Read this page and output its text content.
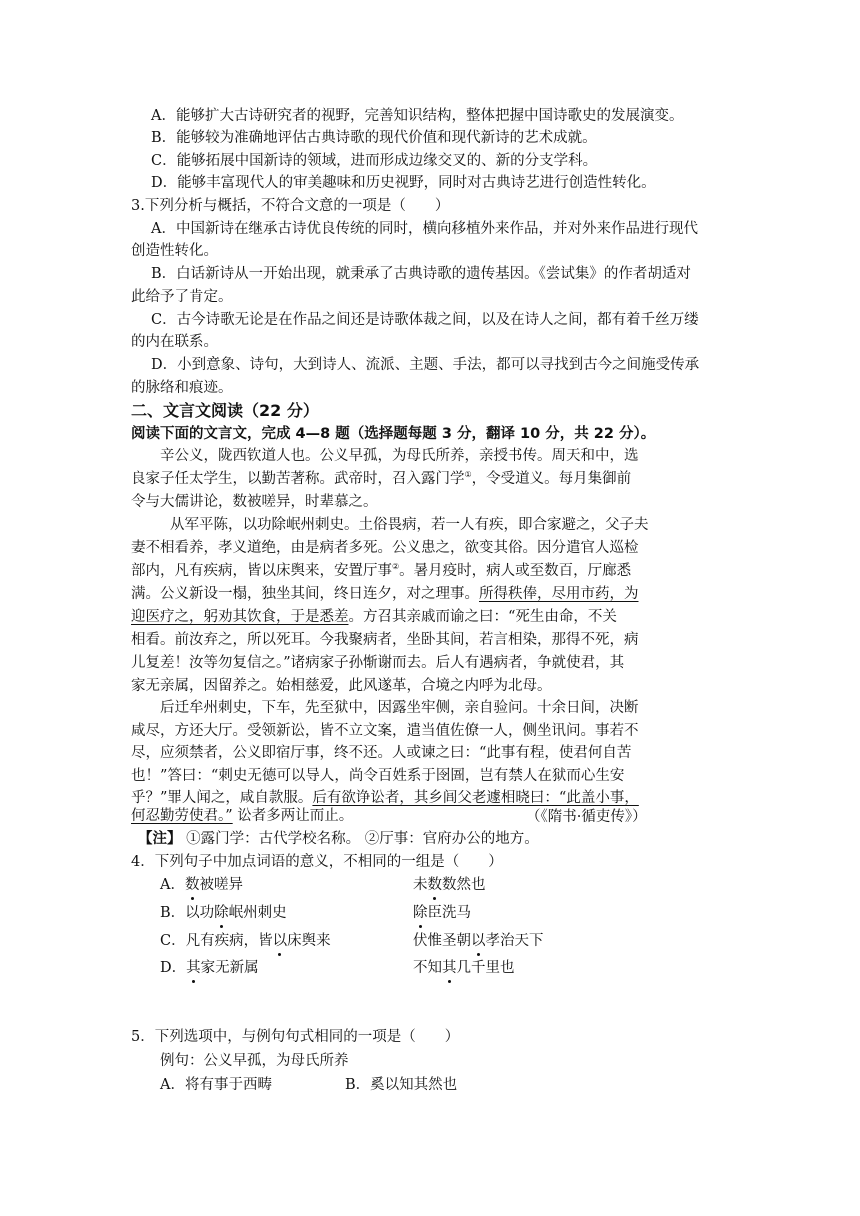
A．能够扩大古诗研究者的视野，完善知识结构，整体把握中国诗歌史的发展演变。
B．能够较为准确地评估古典诗歌的现代价值和现代新诗的艺术成就。
C．能够拓展中国新诗的领域，进而形成边缘交叉的、新的分支学科。
D．能够丰富现代人的审美趣味和历史视野，同时对古典诗艺进行创造性转化。
3.下列分析与概括，不符合文意的一项是（　　）
A．中国新诗在继承古诗优良传统的同时，横向移植外来作品，并对外来作品进行现代
创造性转化。
B．白话新诗从一开始出现，就秉承了古典诗歌的遗传基因。《尝试集》的作者胡适对
此给予了肯定。
C．古今诗歌无论是在作品之间还是诗歌体裁之间，以及在诗人之间，都有着千丝万缕
的内在联系。
D．小到意象、诗句，大到诗人、流派、主题、手法，都可以寻找到古今之间施受传承
的脉络和痕迹。
二、文言文阅读（22 分）
阅读下面的文言文，完成 4—8 题（选择题每题 3 分，翻译 10 分，共 22 分）。
辛公义，陇西钦道人也。公义早孤，为母氏所养，亲授书传。周天和中，选
良家子任太学生，以勤苦著称。武帝时，召入露门学①，令受道义。每月集御前
令与大儒讲论，数被嗟异，时辈慕之。
从军平陈，以功除岷州刺史。土俗畏病，若一人有疾，即合家避之，父子夫
妻不相看养，孝义道绝，由是病者多死。公义患之，欲变其俗。因分遣官人巡检
部内，凡有疾病，皆以床舆来，安置厅事②。暑月疫时，病人或至数百，厅廊悉
满。公义新设一榻，独坐其间，终日连夕，对之理事。所得秩俸，尽用市药，为
迎医疗之，躬劝其饮食，于是悉差。方召其亲戚而谕之曰：“死生由命，不关
相看。前汝弃之，所以死耳。今我聚病者，坐卧其间，若言相染，那得不死，病
儿复差！汝等勿复信之。”诸病家子孙惭谢而去。后人有遇病者，争就使君，其
家无亲属，因留养之。始相慈爱，此风遂革，合境之内呼为北母。
后迁牟州刺史，下车，先至狱中，因露坐牢侧，亲自验问。十余日间，决断
咸尽，方还大厅。受领新讼，皆不立文案，遣当值佐僚一人，侧坐讯问。事若不
尽，应须禁者，公义即宿厅事，终不还。人或谏之曰：“此事有程，使君何自苦
也！”答曰：“刺史无德可以导人，尚令百姓系于囹圄，岂有禁人在狱而心生安
乎？”罪人闻之，咸自款服。后有欲诤讼者，其乡闾父老遽相晓曰：“此盖小事，
何忍勤劳使君。” 讼者多两让而止。	（《隋书·循吏传》）
【注】 ①露门学：古代学校名称。 ②厅事：官府办公的地方。
4．下列句子中加点词语的意义，不相同的一组是（　　）
A．数被嗟异	未数数然也
B．以功除岷州刺史	除臣洗马
C．凡有疾病，皆以床舆来	伏惟圣朝以孝治天下
D．其家无新属	不知其几千里也
5．下列选项中，与例句句式相同的一项是（　　）
例句：公义早孤，为母氏所养
A．将有事于西畴	B．奚以知其然也
